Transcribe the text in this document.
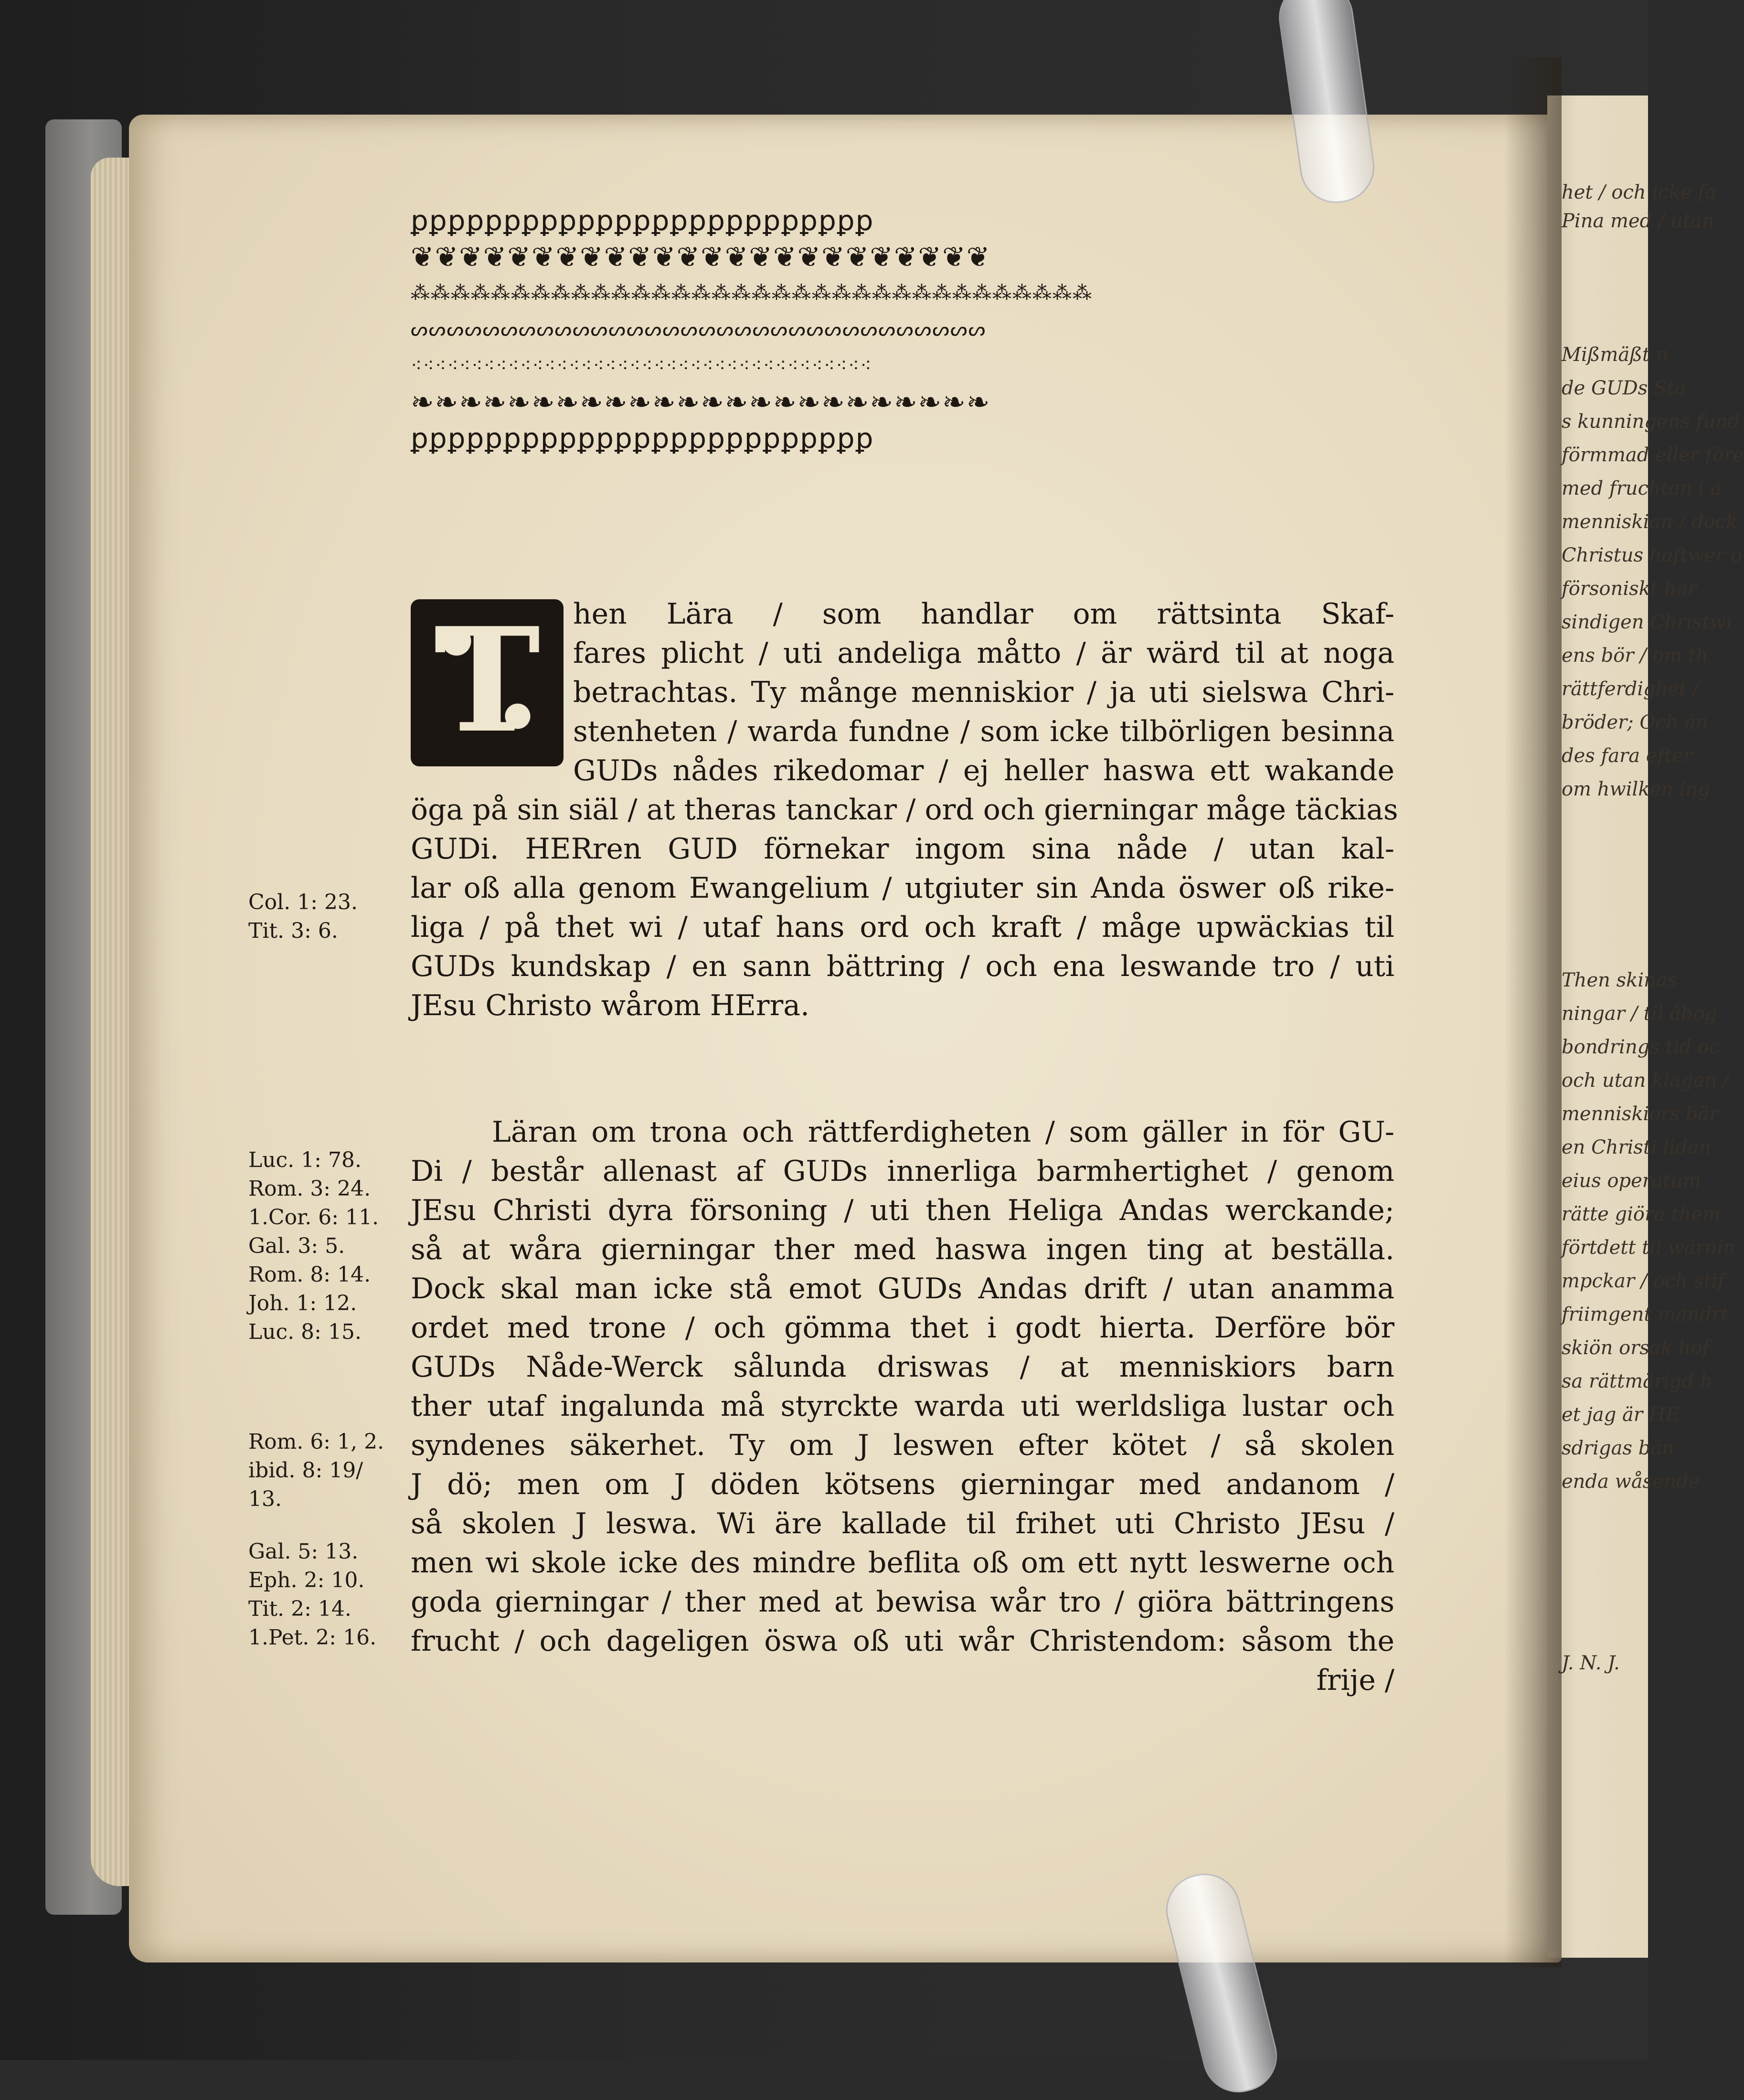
het / och icke fa
Pina med / utan
Mißmäßt n
de GUDs Sta
s kunningens fund
förmmad eller före
med fruchtan i a
menniskian / dock
Christus haftwer o
försoniskt har
sindigen Christwi
ens bör / om th
rättferdighet /
bröder; Och än
des fara efter
om hwilken ing
Then skinas
ningar / til åhog
bondrings tid oc
och utan klagan /
menniskiors bär
en Christi lidan
eius operatum
rätte giöra them
förtdett til wärnin
mpckar / och stif
friimgent mandrt
skiön orsak hof
sa rättmärigd h
et jag är HE
sdrigas bän
enda wåsende
J. N. J.
ꝑꝑꝑꝑꝑꝑꝑꝑꝑꝑꝑꝑꝑꝑꝑꝑꝑꝑꝑꝑꝑꝑꝑꝑꝑ
❦❦❦❦❦❦❦❦❦❦❦❦❦❦❦❦❦❦❦❦❦❦❦❦
⁂⁂⁂⁂⁂⁂⁂⁂⁂⁂⁂⁂⁂⁂⁂⁂⁂⁂⁂⁂⁂⁂⁂⁂⁂⁂⁂⁂⁂⁂⁂⁂⁂⁂
ᔕᔕᔕᔕᔕᔕᔕᔕᔕᔕᔕᔕᔕᔕᔕᔕᔕᔕᔕᔕᔕᔕᔕᔕᔕᔕᔕᔕᔕᔕᔕᔕ
⁖⁖⁖⁖⁖⁖⁖⁖⁖⁖⁖⁖⁖⁖⁖⁖⁖⁖⁖⁖⁖⁖⁖⁖⁖⁖⁖⁖⁖⁖⁖⁖⁖⁖⁖⁖⁖⁖
❧❧❧❧❧❧❧❧❧❧❧❧❧❧❧❧❧❧❧❧❧❧❧❧
ꝑꝑꝑꝑꝑꝑꝑꝑꝑꝑꝑꝑꝑꝑꝑꝑꝑꝑꝑꝑꝑꝑꝑꝑꝑ
T	hen Lära / som handlar om rättsinta Skaf-
fares plicht / uti andeliga måtto / är wärd til at noga
betrachtas. Ty månge menniskior / ja uti sielswa Chri-
stenheten / warda fundne / som icke tilbörligen besinna
GUDs nådes rikedomar / ej heller haswa ett wakande
öga på sin siäl / at theras tanckar / ord och gierningar måge täckias
GUDi. HERren GUD förnekar ingom sina nåde / utan kal-
lar oß alla genom Ewangelium / utgiuter sin Anda öswer oß rike-
liga / på thet wi / utaf hans ord och kraft / måge upwäckias til
GUDs kundskap / en sann bättring / och ena leswande tro / uti
JEsu Christo wårom HErra.
Col. 1: 23.
Tit. 3: 6.
Läran om trona och rättferdigheten / som gäller in för GU-
Di / består allenast af GUDs innerliga barmhertighet / genom
JEsu Christi dyra försoning / uti then Heliga Andas werckande;
så at wåra gierningar ther med haswa ingen ting at beställa.
Dock skal man icke stå emot GUDs Andas drift / utan anamma
ordet med trone / och gömma thet i godt hierta. Derföre bör
GUDs Nåde-Werck sålunda driswas / at menniskiors barn
ther utaf ingalunda må styrckte warda uti werldsliga lustar och
syndenes säkerhet. Ty om J leswen efter kötet / så skolen
J dö; men om J döden kötsens gierningar med andanom /
så skolen J leswa. Wi äre kallade til frihet uti Christo JEsu /
men wi skole icke des mindre beflita oß om ett nytt leswerne och
goda gierningar / ther med at bewisa wår tro / giöra bättringens
frucht / och dageligen öswa oß uti wår Christendom: såsom the
frije /
Luc. 1: 78.
Rom. 3: 24.
1.Cor. 6: 11.
Gal. 3: 5.
Rom. 8: 14.
Joh. 1: 12.
Luc. 8: 15.
Rom. 6: 1, 2.
ibid. 8: 19/
13.
Gal. 5: 13.
Eph. 2: 10.
Tit. 2: 14.
1.Pet. 2: 16.
